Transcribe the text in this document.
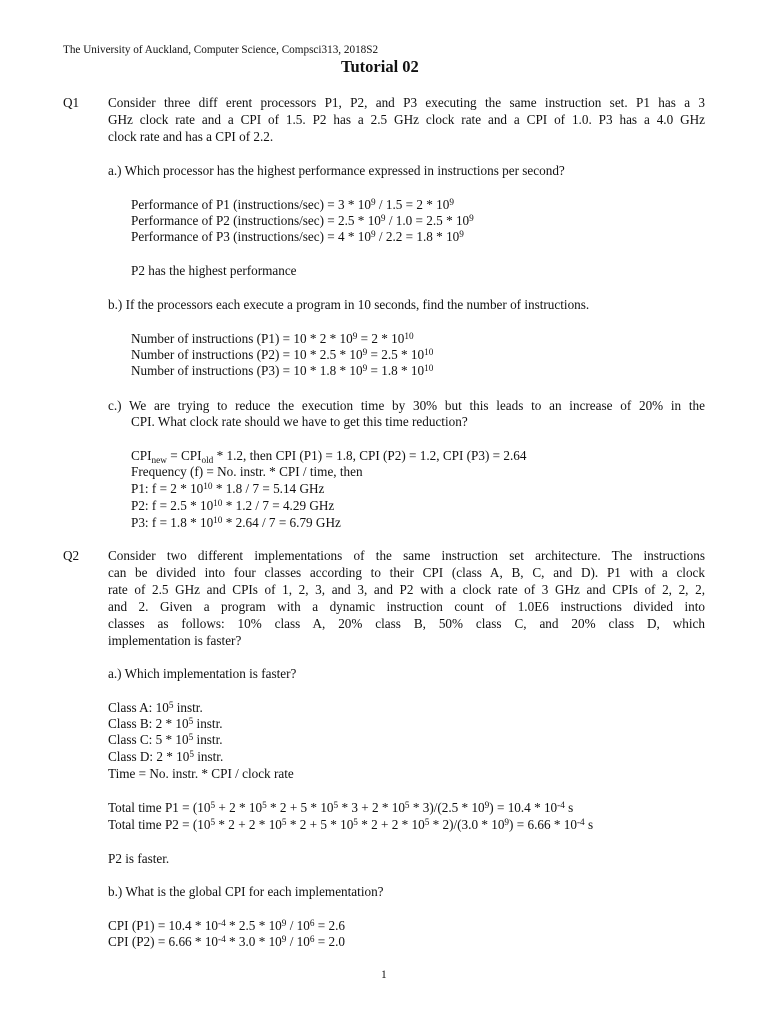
The University of Auckland, Computer Science, Compsci313, 2018S2
Tutorial 02
Q1 Consider three diff erent processors P1, P2, and P3 executing the same instruction set. P1 has a 3
GHz clock rate and a CPI of 1.5. P2 has a 2.5 GHz clock rate and a CPI of 1.0. P3 has a 4.0 GHz
clock rate and has a CPI of 2.2.
a.) Which processor has the highest performance expressed in instructions per second?
Performance of P1 (instructions/sec) = $3 * 10^9 / 1.5 = 2 * 10^9$
Performance of P2 (instructions/sec) = $2.5 * 10^9 / 1.0 = 2.5 * 10^9$
Performance of P3 (instructions/sec) = $4 * 10^9 / 2.2 = 1.8 * 10^9$
P2 has the highest performance
b.) If the processors each execute a program in 10 seconds, find the number of instructions.
Number of instructions $(P1) = 10 * 2 * 10^9 = 2 * 10^{10}$
Number of instructions $(P2) = 10 * 2.5 * 10^9 = 2.5 * 10^{10}$
Number of instructions $(P3) = 10 * 1.8 * 10^9 = 1.8 * 10^{10}$
c.) We are trying to reduce the execution time by 30% but this leads to an increase of 20% in the
CPI. What clock rate should we have to get this time reduction?
$CPI_{new} = CPI_{old} * 1.2$, then CPI (P1) = 1.8, CPI (P2) = 1.2, CPI (P3) = 2.64
Frequency (f) = No. instr. * CPI / time, then
P1: $f = 2 * 10^{10} * 1.8 / 7 = 5.14$ GHz
P2: $f = 2.5 * 10^{10} * 1.2 / 7 = 4.29$ GHz
P3: $f = 1.8 * 10^{10} * 2.64 / 7 = 6.79$ GHz
Q2 Consider two different implementations of the same instruction set architecture. The instructions
can be divided into four classes according to their CPI (class A, B, C, and D). P1 with a clock
rate of 2.5 GHz and CPIs of 1, 2, 3, and 3, and P2 with a clock rate of 3 GHz and CPIs of 2, 2, 2,
and 2. Given a program with a dynamic instruction count of 1.0E6 instructions divided into
classes as follows: 10% class A, 20% class B, 50% class C, and 20% class D, which
implementation is faster?
a.) Which implementation is faster?
Class A: $10^5$ instr.
Class B: $2 * 10^5$ instr.
Class C: $5 * 10^5$ instr.
Class D: $2 * 10^5$ instr.
Time = No. instr. * CPI / clock rate
Total time $P1 = (10^5 + 2 * 10^5 * 2 + 5 * 10^5 * 3 + 2 * 10^5 * 3)/(2.5 * 10^9) = 10.4 * 10^{-4}$ s
Total time $P2 = (10^5 * 2 + 2 * 10^5 * 2 + 5 * 10^5 * 2 + 2 * 10^5 * 2)/(3.0 * 10^9) = 6.66 * 10^{-4}$ s
P2 is faster.
b.) What is the global CPI for each implementation?
CPI $(P1) = 10.4 * 10^{-4} * 2.5 * 10^9 / 10^6 = 2.6$
CPI $(P2) = 6.66 * 10^{-4} * 3.0 * 10^9 / 10^6 = 2.0$
1
